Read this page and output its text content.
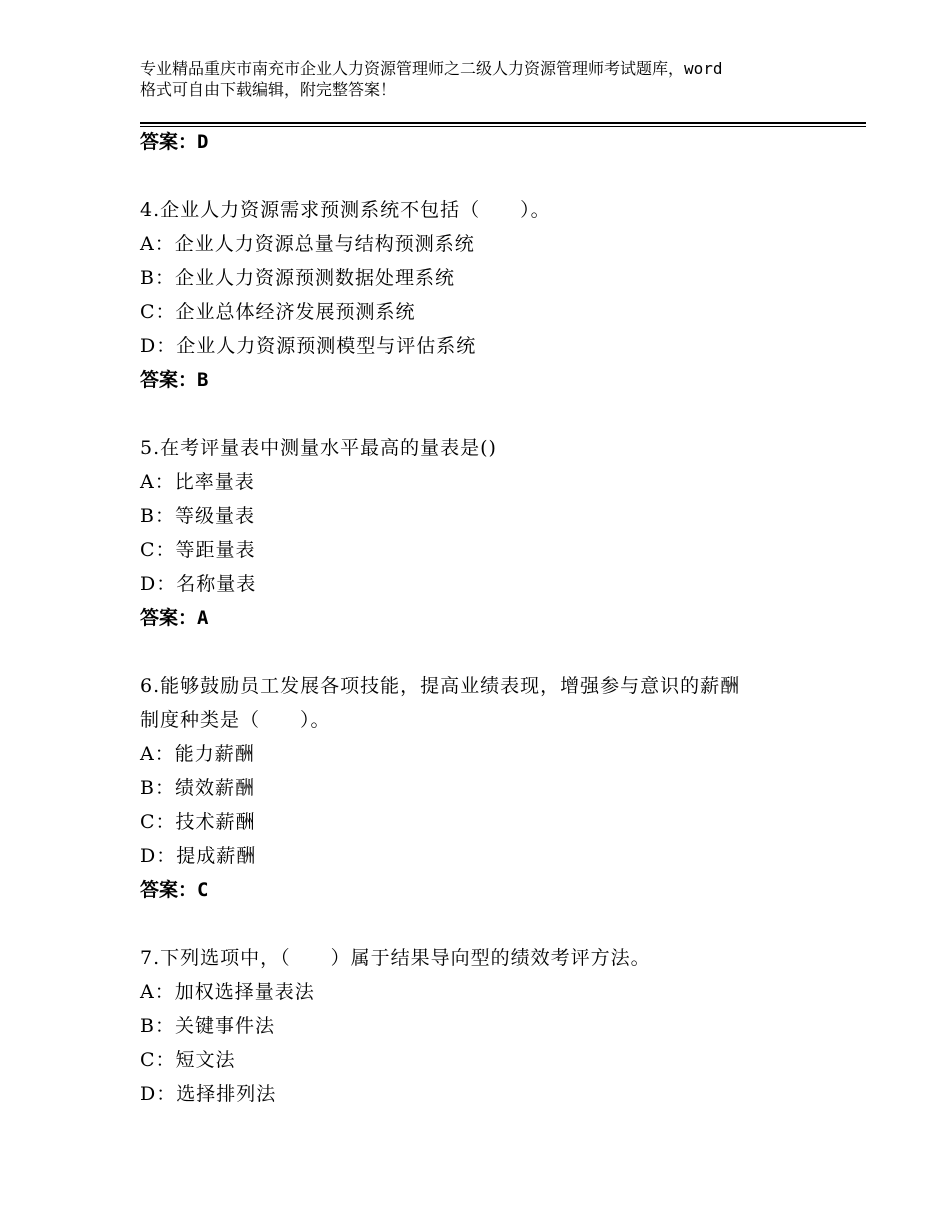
专业精品重庆市南充市企业人力资源管理师之二级人力资源管理师考试题库，word
格式可自由下载编辑，附完整答案！
答案：D
4.企业人力资源需求预测系统不包括（　　）。
A：企业人力资源总量与结构预测系统
B：企业人力资源预测数据处理系统
C：企业总体经济发展预测系统
D：企业人力资源预测模型与评估系统
答案：B
5.在考评量表中测量水平最高的量表是()
A：比率量表
B：等级量表
C：等距量表
D：名称量表
答案：A
6.能够鼓励员工发展各项技能，提高业绩表现，增强参与意识的薪酬
制度种类是（　　）。
A：能力薪酬
B：绩效薪酬
C：技术薪酬
D：提成薪酬
答案：C
7.下列选项中，（　　）属于结果导向型的绩效考评方法。
A：加权选择量表法
B：关键事件法
C：短文法
D：选择排列法
